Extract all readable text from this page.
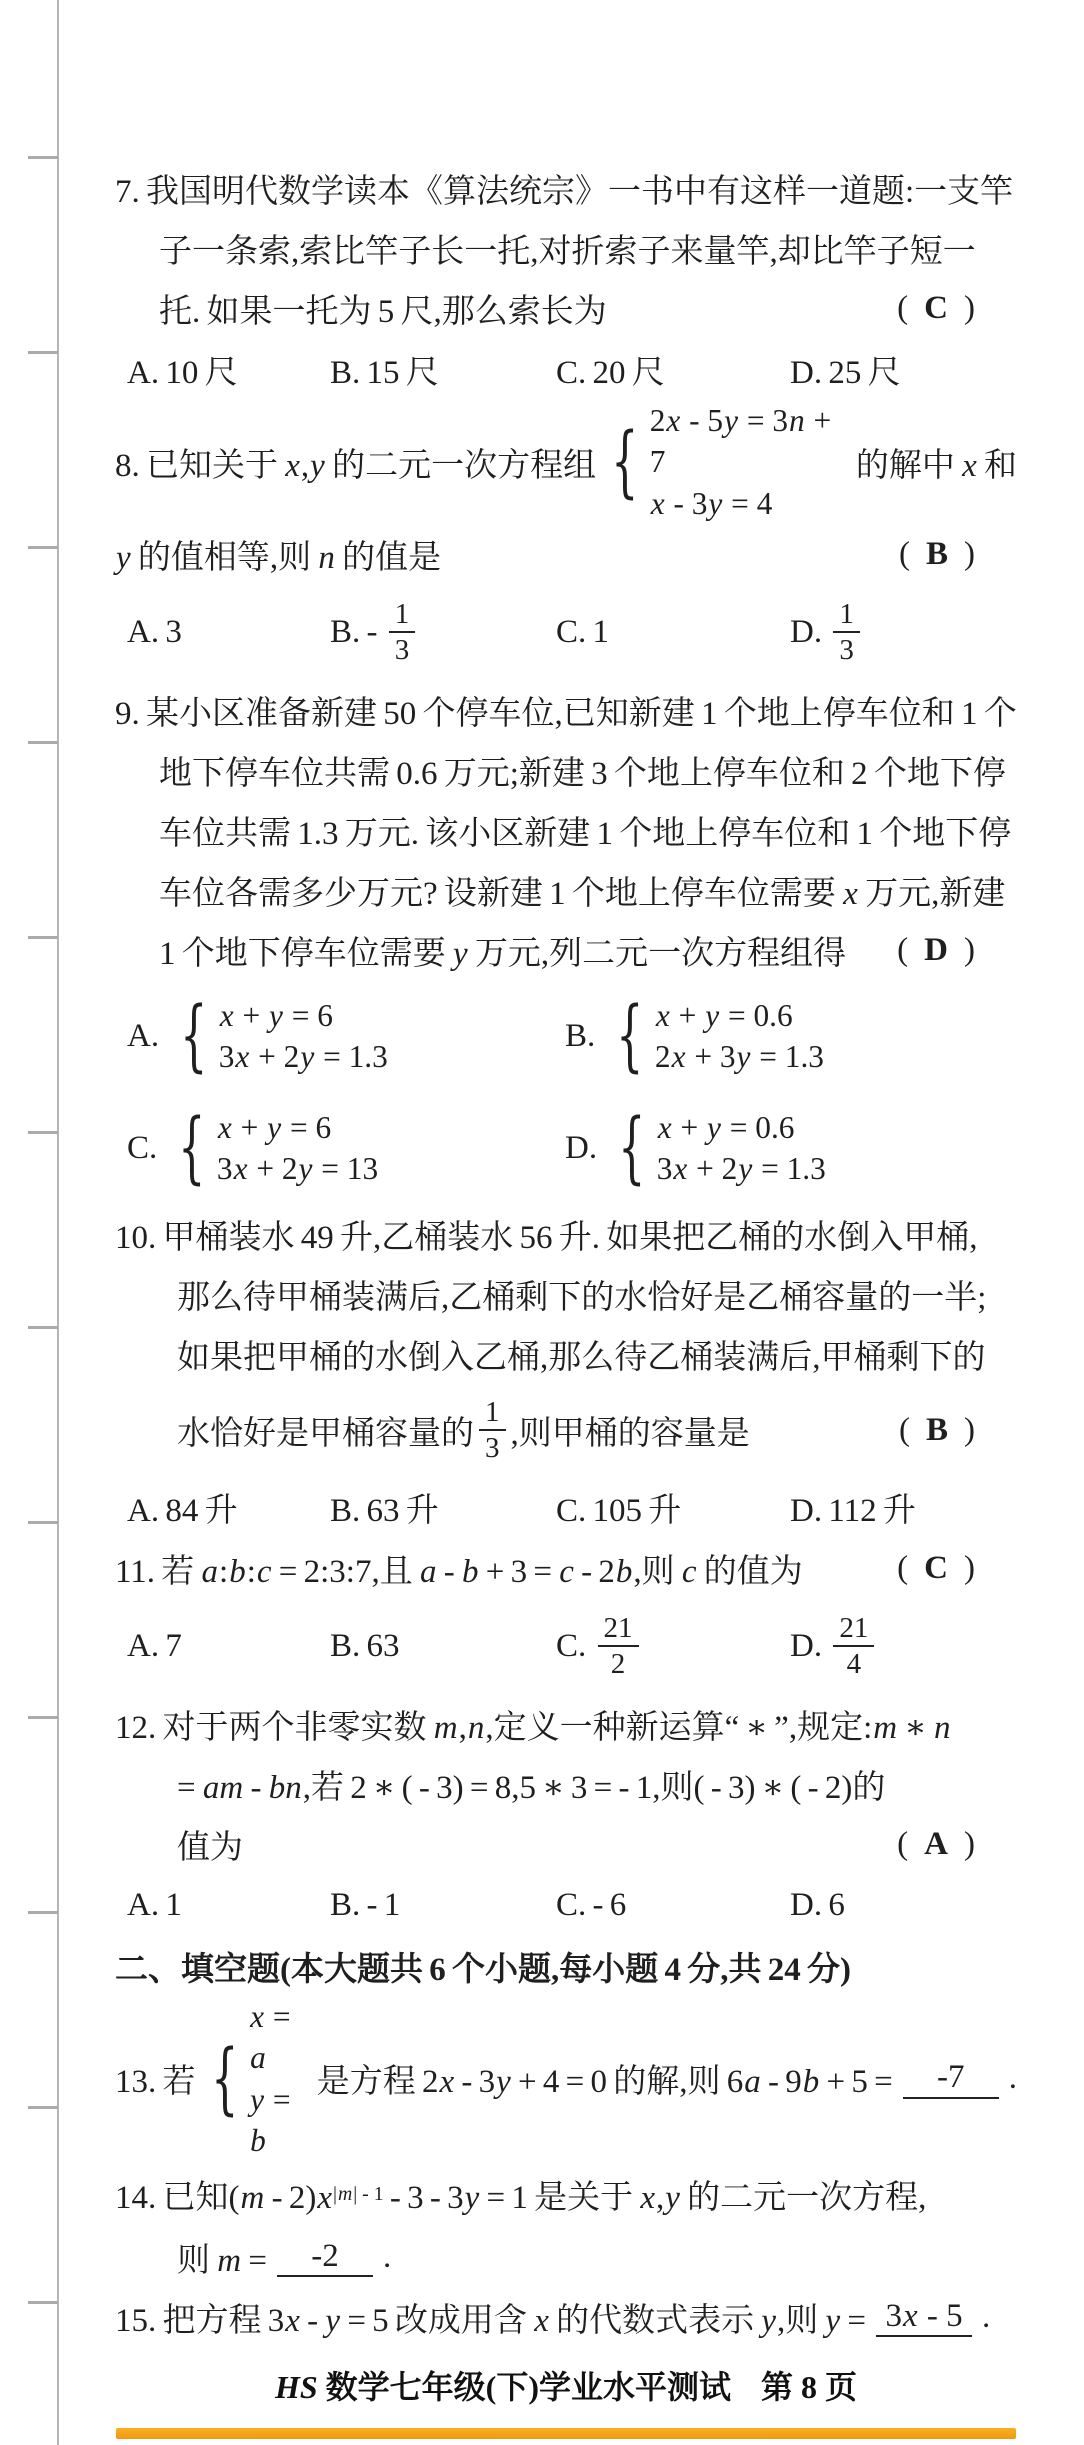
7. 我国明代数学读本《算法统宗》一书中有这样一道题:一支竿
子一条索,索比竿子长一托,对折索子来量竿,却比竿子短一
托. 如果一托为 5 尺,那么索长为	( C )
A. 10 尺	B. 15 尺	C. 20 尺	D. 25 尺
8. 已知关于 x,y 的二元一次方程组 { 2x - 5y = 3n + 7
x - 3y = 4
的解中 x 和
y 的值相等,则 n 的值是	( B )
A. 3	B. - $\frac{1}{3}$	C. 1	D. $\frac{1}{3}$
9. 某小区准备新建 50 个停车位,已知新建 1 个地上停车位和 1 个
地下停车位共需 0.6 万元;新建 3 个地上停车位和 2 个地下停
车位共需 1.3 万元. 该小区新建 1 个地上停车位和 1 个地下停
车位各需多少万元? 设新建 1 个地上停车位需要 x 万元,新建
1 个地下停车位需要 y 万元,列二元一次方程组得 ( D )
A. { x + y = 6
3x + 2y = 1.3
B. { x + y = 0.6
2x + 3y = 1.3
C. { x + y = 6
3x + 2y = 13
D. { x + y = 0.6
3x + 2y = 1.3
10. 甲桶装水 49 升,乙桶装水 56 升. 如果把乙桶的水倒入甲桶,
那么待甲桶装满后,乙桶剩下的水恰好是乙桶容量的一半;
如果把甲桶的水倒入乙桶,那么待乙桶装满后,甲桶剩下的
水恰好是甲桶容量的 $\frac{1}{3}$ ,则甲桶的容量是	( B )
A. 84 升	B. 63 升	C. 105 升	D. 112 升
11. 若 a:b:c = 2:3:7,且 a - b + 3 = c - 2b,则 c 的值为	( C )
A. 7	B. 63	C. $\frac{21}{2}$	D. $\frac{21}{4}$
12. 对于两个非零实数 m,n,定义一种新运算“ ∗ ”,规定:m ∗ n
= am - bn,若 2 ∗ ( - 3) = 8,5 ∗ 3 = - 1,则( - 3) ∗ ( - 2)的
值为	( A )
A. 1	B. - 1	C. - 6	D. 6
二、填空题(本大题共 6 个小题,每小题 4 分,共 24 分)
13. 若 {
x = a
y = b
是方程 2x - 3y + 4 = 0 的解,则 6a - 9b + 5 =	-7	.
14. 已知(m - 2)x |m| - 1 - 3 - 3y = 1 是关于 x,y 的二元一次方程,
则 m =	-2	.
15. 把方程 3x - y = 5 改成用含 x 的代数式表示 y,则 y = 3x - 5 .
HS 数学七年级(下)学业水平测试 第 8 页
